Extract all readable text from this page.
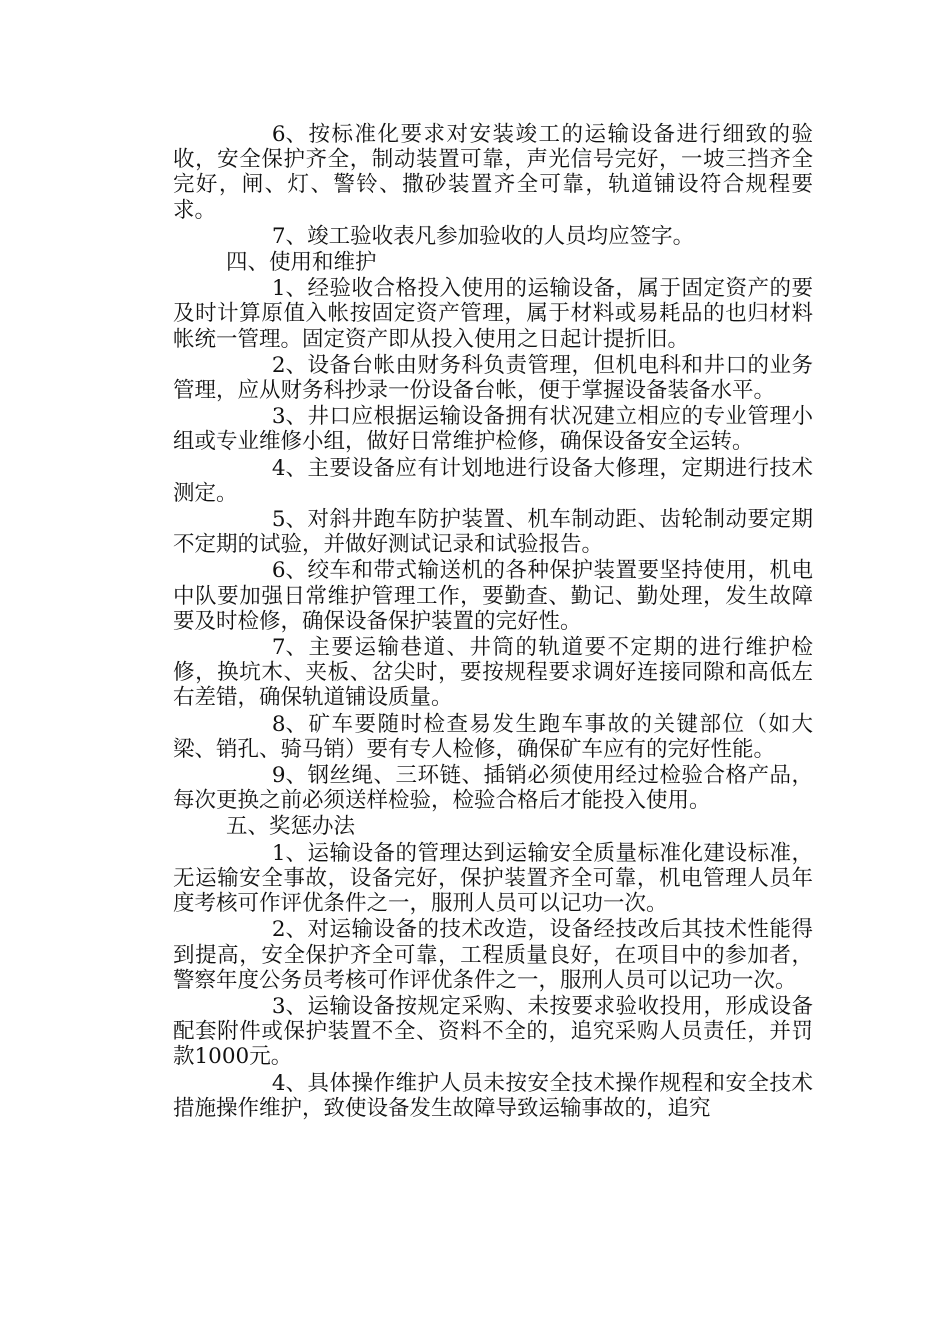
6、按标准化要求对安装竣工的运输设备进行细致的验收，安全保护齐全，制动装置可靠，声光信号完好，一坡三挡齐全完好，闸、灯、警铃、撒砂装置齐全可靠，轨道铺设符合规程要求。

7、竣工验收表凡参加验收的人员均应签字。

四、使用和维护

1、经验收合格投入使用的运输设备，属于固定资产的要及时计算原值入帐按固定资产管理，属于材料或易耗品的也归材料帐统一管理。固定资产即从投入使用之日起计提折旧。

2、设备台帐由财务科负责管理，但机电科和井口的业务管理，应从财务科抄录一份设备台帐，便于掌握设备装备水平。

3、井口应根据运输设备拥有状况建立相应的专业管理小组或专业维修小组，做好日常维护检修，确保设备安全运转。

4、主要设备应有计划地进行设备大修理，定期进行技术测定。

5、对斜井跑车防护装置、机车制动距、齿轮制动要定期不定期的试验，并做好测试记录和试验报告。

6、绞车和带式输送机的各种保护装置要坚持使用，机电中队要加强日常维护管理工作，要勤查、勤记、勤处理，发生故障要及时检修，确保设备保护装置的完好性。

7、主要运输巷道、井筒的轨道要不定期的进行维护检修，换坑木、夹板、岔尖时，要按规程要求调好连接同隙和高低左右差错，确保轨道铺设质量。

8、矿车要随时检查易发生跑车事故的关键部位（如大梁、销孔、骑马销）要有专人检修，确保矿车应有的完好性能。

9、钢丝绳、三环链、插销必须使用经过检验合格产品，每次更换之前必须送样检验，检验合格后才能投入使用。

五、奖惩办法

1、运输设备的管理达到运输安全质量标准化建设标准，无运输安全事故，设备完好，保护装置齐全可靠，机电管理人员年度考核可作评优条件之一，服刑人员可以记功一次。

2、对运输设备的技术改造，设备经技改后其技术性能得到提高，安全保护齐全可靠，工程质量良好，在项目中的参加者，警察年度公务员考核可作评优条件之一，服刑人员可以记功一次。

3、运输设备按规定采购、未按要求验收投用，形成设备配套附件或保护装置不全、资料不全的，追究采购人员责任，并罚款1000元。

4、具体操作维护人员未按安全技术操作规程和安全技术措施操作维护，致使设备发生故障导致运输事故的，追究
